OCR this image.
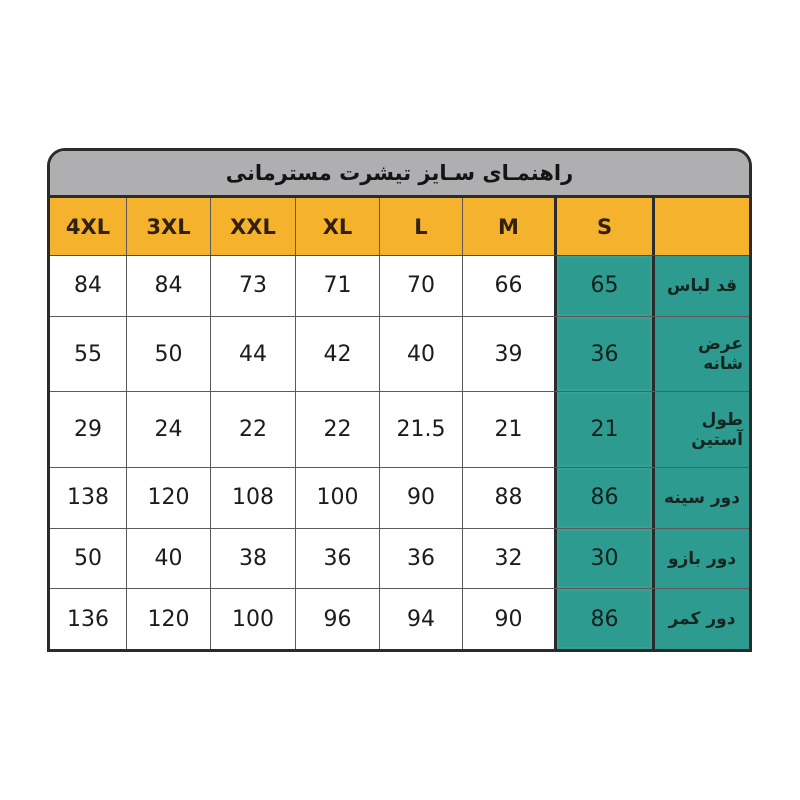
راهنمـای سـایز تیشرت مسترمانی
4XL	3XL	XXL	XL	L	M	S
84	84	73	71	70	66	65	قد لباس
55	50	44	42	40	39	36	عرض شانه
29	24	22	22	21.5	21	21	طول آستین
138	120	108	100	90	88	86	دور سینه
50	40	38	36	36	32	30	دور بازو
136	120	100	96	94	90	86	دور کمر
